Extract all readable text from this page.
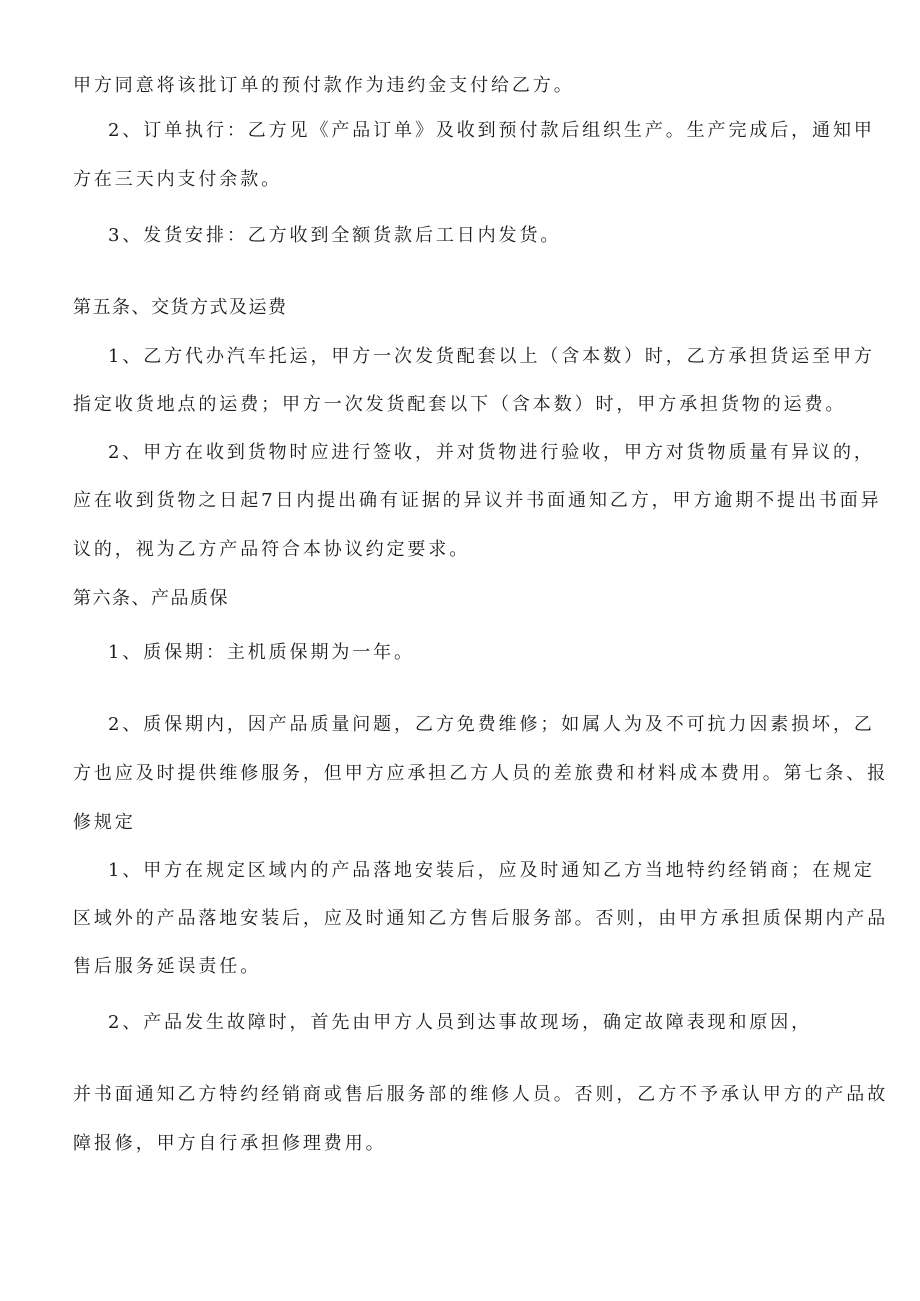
甲方同意将该批订单的预付款作为违约金支付给乙方。
2、订单执行：乙方见《产品订单》及收到预付款后组织生产。生产完成后，通知甲
方在三天内支付余款。
3、发货安排：乙方收到全额货款后工日内发货。
第五条、交货方式及运费
1、乙方代办汽车托运，甲方一次发货配套以上（含本数）时，乙方承担货运至甲方
指定收货地点的运费；甲方一次发货配套以下（含本数）时，甲方承担货物的运费。
2、甲方在收到货物时应进行签收，并对货物进行验收，甲方对货物质量有异议的，
应在收到货物之日起7日内提出确有证据的异议并书面通知乙方，甲方逾期不提出书面异
议的，视为乙方产品符合本协议约定要求。
第六条、产品质保
1、质保期：主机质保期为一年。
2、质保期内，因产品质量问题，乙方免费维修；如属人为及不可抗力因素损坏，乙
方也应及时提供维修服务，但甲方应承担乙方人员的差旅费和材料成本费用。第七条、报
修规定
1、甲方在规定区域内的产品落地安装后，应及时通知乙方当地特约经销商；在规定
区域外的产品落地安装后，应及时通知乙方售后服务部。否则，由甲方承担质保期内产品
售后服务延误责任。
2、产品发生故障时，首先由甲方人员到达事故现场，确定故障表现和原因，
并书面通知乙方特约经销商或售后服务部的维修人员。否则，乙方不予承认甲方的产品故
障报修，甲方自行承担修理费用。
